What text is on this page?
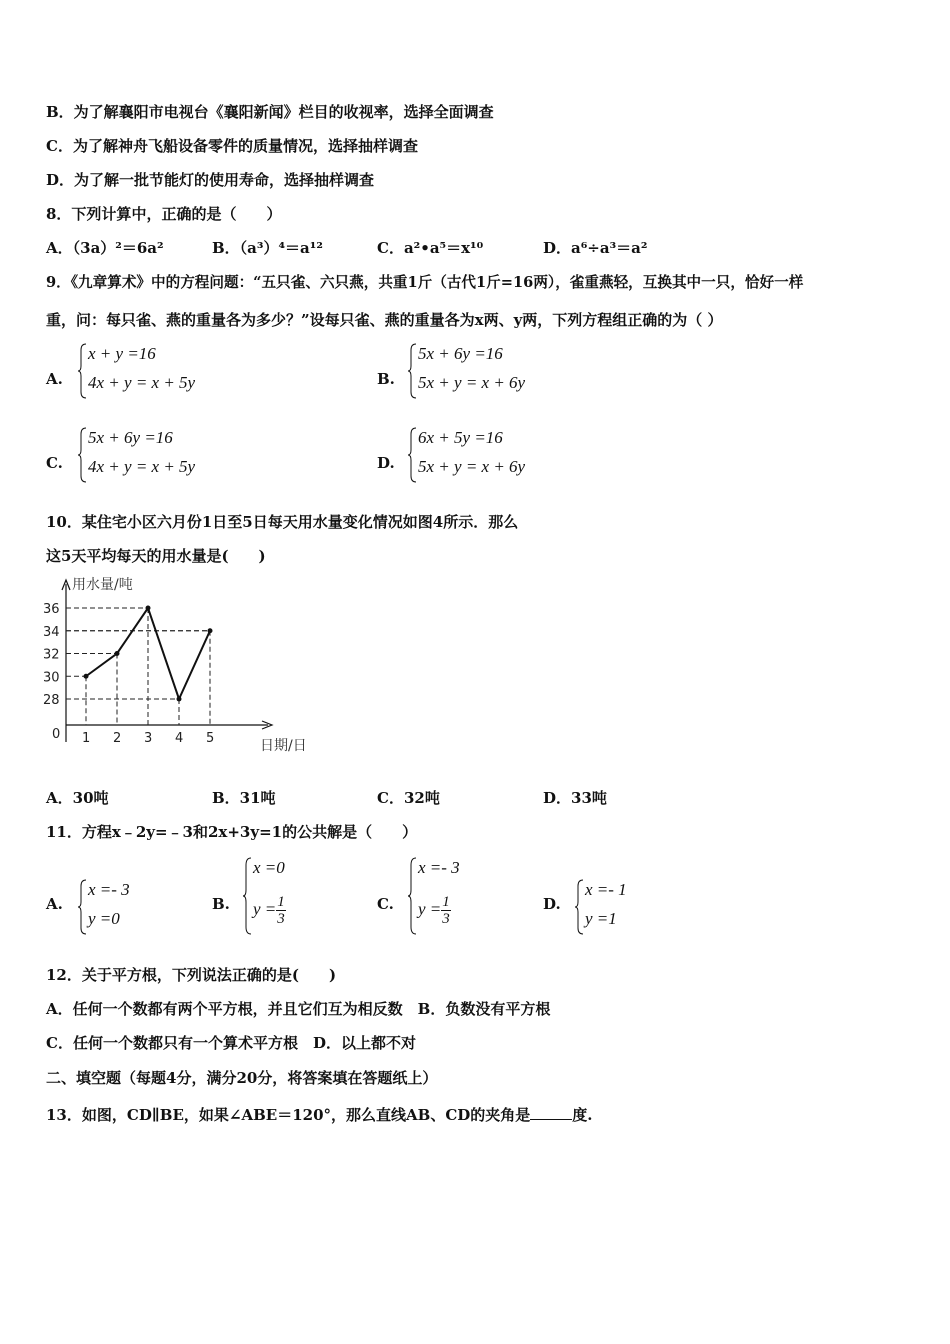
B．为了解襄阳市电视台《襄阳新闻》栏目的收视率，选择全面调查
C．为了解神舟飞船设备零件的质量情况，选择抽样调查
D．为了解一批节能灯的使用寿命，选择抽样调查
8．下列计算中，正确的是（　　）
A．（3a）²＝6a²	B．（a³）⁴＝a¹²	C．a²•a⁵＝x¹⁰	D．a⁶÷a³＝a²
9．《九章算术》中的方程问题：“五只雀、六只燕，共重1斤（古代1斤=16两），雀重燕轻，互换其中一只，恰好一样
重，问：每只雀、燕的重量各为多少？”设每只雀、燕的重量各为x两、y两，下列方程组正确的为（ ）
A.
x + y =16
4x + y = x + 5y	B.
5x + 6y =16
5x + y = x + 6y
C.
5x + 6y =16
4x + y = x + 5y	D.
6x + 5y =16
5x + y = x + 6y
10．某住宅小区六月份1日至5日每天用水量变化情况如图4所示．那么
这5天平均每天的用水量是(　　)
用水量/吨
日期/日
0
28
30
32
34
36
1 2 3 4 5
A．30吨	B．31吨	C．32吨	D．33吨
11．方程x﹣2y=﹣3和2x+3y=1的公共解是（　　）
A.
x =- 3
y =0
B.
x =0
$y = \frac{1}{3}$	C.
x =- 3
$y = \frac{1}{3}$	D.
x =- 1
y =1
12．关于平方根，下列说法正确的是(　　)
A．任何一个数都有两个平方根，并且它们互为相反数　B．负数没有平方根
C．任何一个数都只有一个算术平方根　D．以上都不对
二、填空题（每题4分，满分20分，将答案填在答题纸上）
13．如图，CD∥BE，如果∠ABE＝120°，那么直线AB、CD的夹角是	度.
